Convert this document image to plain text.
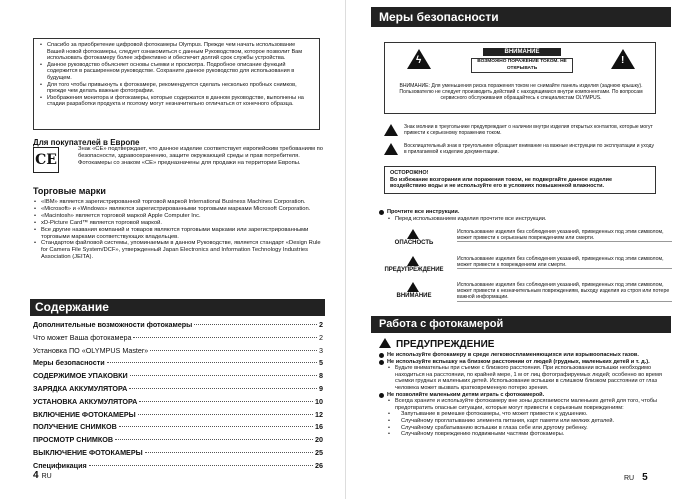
• Спасибо за приобретение цифровой фотокамеры Olympus. Прежде чем начать использование Вашей новой фотокамеры, следует ознакомиться с данным Руководством, которое позволит Вам использовать фотокамеру более эффективно и обеспечит долгий срок службы устройства.
• Данное руководство объясняет основы съемки и просмотра. Подробное описание функций содержится в расширенном руководстве. Сохраните данное руководство для использования в будущем.
• Для того чтобы привыкнуть к фотокамере, рекомендуется сделать несколько пробных снимков, прежде чем делать важные фотографии.
• Изображения монитора и фотокамеры, которые содержатся в данном руководстве, выполнены на стадии разработки продукта и поэтому могут незначительно отличаться от конечного образца.
Для покупателей в Европе
CE
Знак «CE» подтверждает, что данное изделие соответствует европейским требованиям по безопасности, здравоохранению, защите окружающей среды и прав потребителя. Фотокамеры со знаком «CE» предназначены для продажи на территории Европы.
Торговые марки
• «IBM» является зарегистрированной торговой маркой International Business Machines Corporation.
• «Microsoft» и «Windows» являются зарегистрированными торговыми марками Microsoft Corporation.
• «Macintosh» является торговой маркой Apple Computer Inc.
• xD-Picture Card™ является торговой маркой.
• Все другие названия компаний и товаров являются торговыми марками или зарегистрированными торговыми марками соответствующих владельцев.
• Стандартом файловой системы, упоминаемым в данном Руководстве, является стандарт «Design Rule for Camera File System/DCF», утвержденный Japan Electronics and Information Technology Industries Association (JEITA).
Содержание
Дополнительные возможности фотокамеры	2
Что может Ваша фотокамера	2
Установка ПО «OLYMPUS Master»	3
Меры безопасности	5
СОДЕРЖИМОЕ УПАКОВКИ	8
ЗАРЯДКА АККУМУЛЯТОРА	9
УСТАНОВКА АККУМУЛЯТОРА	10
ВКЛЮЧЕНИЕ ФОТОКАМЕРЫ	12
ПОЛУЧЕНИЕ СНИМКОВ	16
ПРОСМОТР СНИМКОВ	20
ВЫКЛЮЧЕНИЕ ФОТОКАМЕРЫ	25
Спецификация	26
4 RU
Меры безопасности
ϟ
ВНИМАНИЕ
ВОЗМОЖНО ПОРАЖЕНИЕ ТОКОМ. НЕ ОТКРЫВАТЬ
!
ВНИМАНИЕ: Для уменьшения риска поражения током не снимайте панель изделия (заднюю крышку). Пользователю не следует производить действий с находящимися внутри компонентами. По вопросам сервисного обслуживания обращайтесь к специалистам OLYMPUS.
Знак молнии в треугольнике предупреждает о наличии внутри изделия открытых контактов, которые могут привести к серьезному поражению током.
Восклицательный знак в треугольнике обращает внимание на важные инструкции по эксплуатации и уходу в прилагаемой к изделию документации.
ОСТОРОЖНО!
Во избежание возгорания или поражения током, не подвергайте данное изделие воздействию воды и не используйте его в условиях повышенной влажности.
Прочтите все инструкции.
• Перед использованием изделия прочтите все инструкции.
ОПАСНОСТЬ
Использование изделия без соблюдения указаний, приведенных под этим символом, может привести к серьезным повреждениям или смерти.
ПРЕДУПРЕЖДЕНИЕ
Использование изделия без соблюдения указаний, приведенных под этим символом, может привести к повреждениям или смерти.
ВНИМАНИЕ
Использование изделия без соблюдения указаний, приведенных под этим символом, может привести к незначительным повреждениям, выходу изделия из строя или потере важной информации.
Работа с фотокамерой
ПРЕДУПРЕЖДЕНИЕ
Не используйте фотокамеру в среде легковоспламеняющихся или взрывоопасных газов.
Не используйте вспышку на близком расстоянии от людей (грудных, маленьких детей и т. д.).
• Будьте внимательны при съемке с близкого расстояния. При использовании вспышки необходимо находиться на расстоянии, по крайней мере, 1 м от лиц фотографируемых людей; особенно во время съемки грудных и маленьких детей. Использование вспышки в слишком близком расстоянии от глаз человека может вызвать кратковременную потерю зрения.
Не позволяйте маленьким детям играть с фотокамерой.
• Всегда храните и используйте фотокамеру вне зоны досягаемости маленьких детей для того, чтобы предотвратить опасные ситуации, которые могут привести к серьезным повреждениям:
• Запутывание в ремешке фотокамеры, что может привести к удушению.
• Случайному проглатыванию элемента питания, карт памяти или мелких деталей.
• Случайному срабатыванию вспышки в глаза себе или другому ребенку.
• Случайному повреждению подвижными частями фотокамеры.
RU 5
